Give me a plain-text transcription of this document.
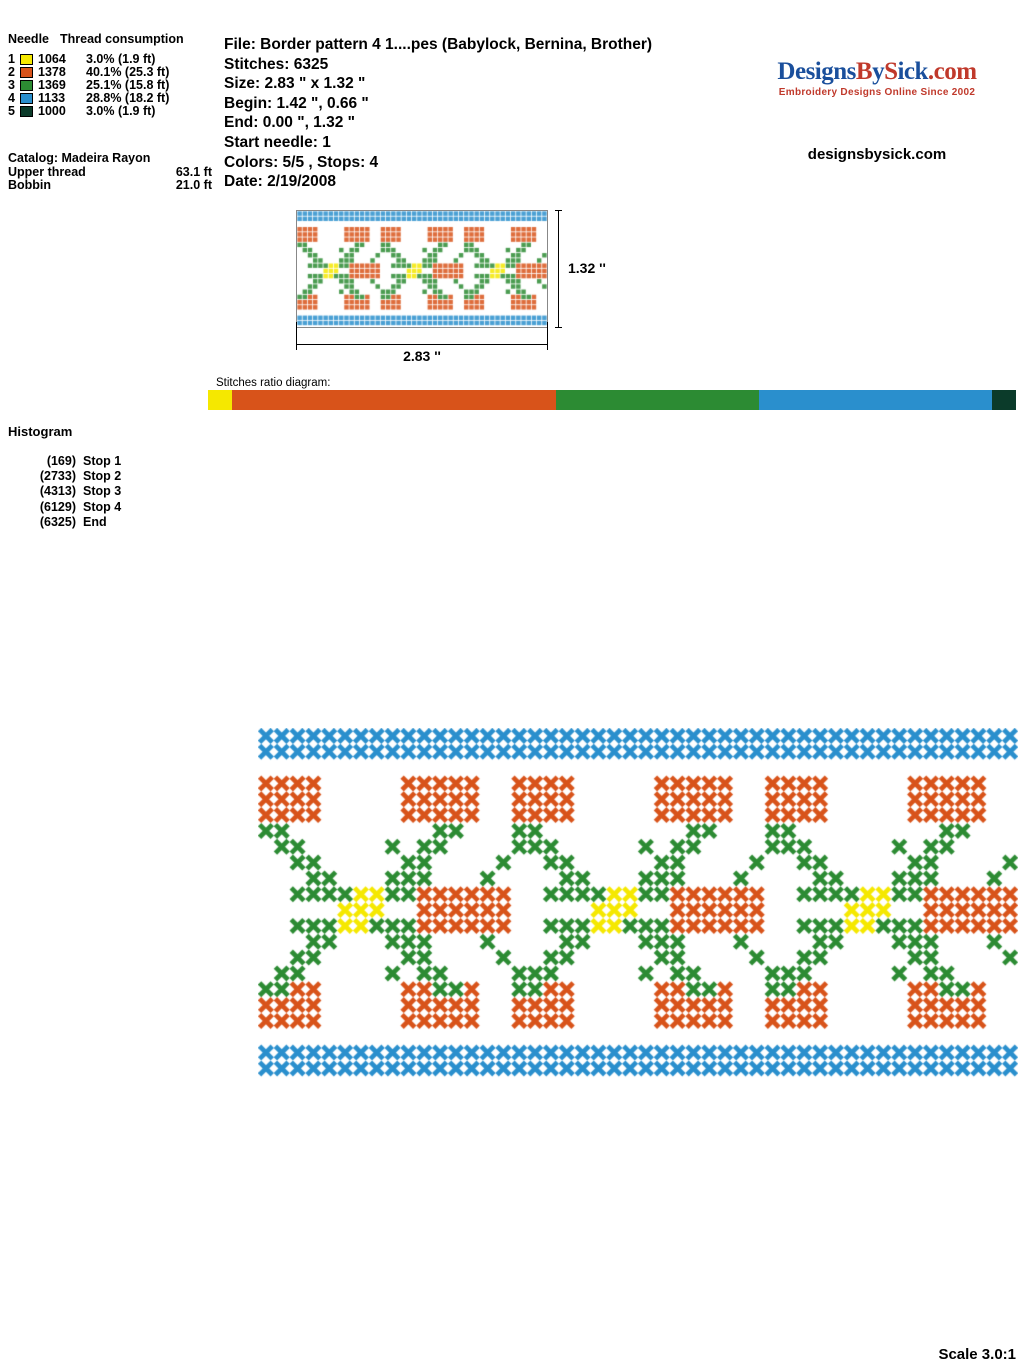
Needle Thread consumption
1	1064	3.0% (1.9 ft)
2	1378	40.1% (25.3 ft)
3	1369	25.1% (15.8 ft)
4	1133	28.8% (18.2 ft)
5	1000	3.0% (1.9 ft)
Catalog: Madeira Rayon
Upper thread	63.1 ft
Bobbin	21.0 ft
File: Border pattern 4 1....pes (Babylock, Bernina, Brother)
Stitches: 6325
Size: 2.83 " x 1.32 "
Begin: 1.42 ", 0.66 "
End: 0.00 ", 1.32 "
Start needle: 1
Colors: 5/5 , Stops: 4
Date: 2/19/2008
DesignsBySick.com
Embroidery Designs Online Since 2002
designsbysick.com
1.32 ''
2.83 ''
Stitches ratio diagram:
Histogram
(169) Stop 1
(2733) Stop 2
(4313) Stop 3
(6129) Stop 4
(6325) End
Scale 3.0:1
